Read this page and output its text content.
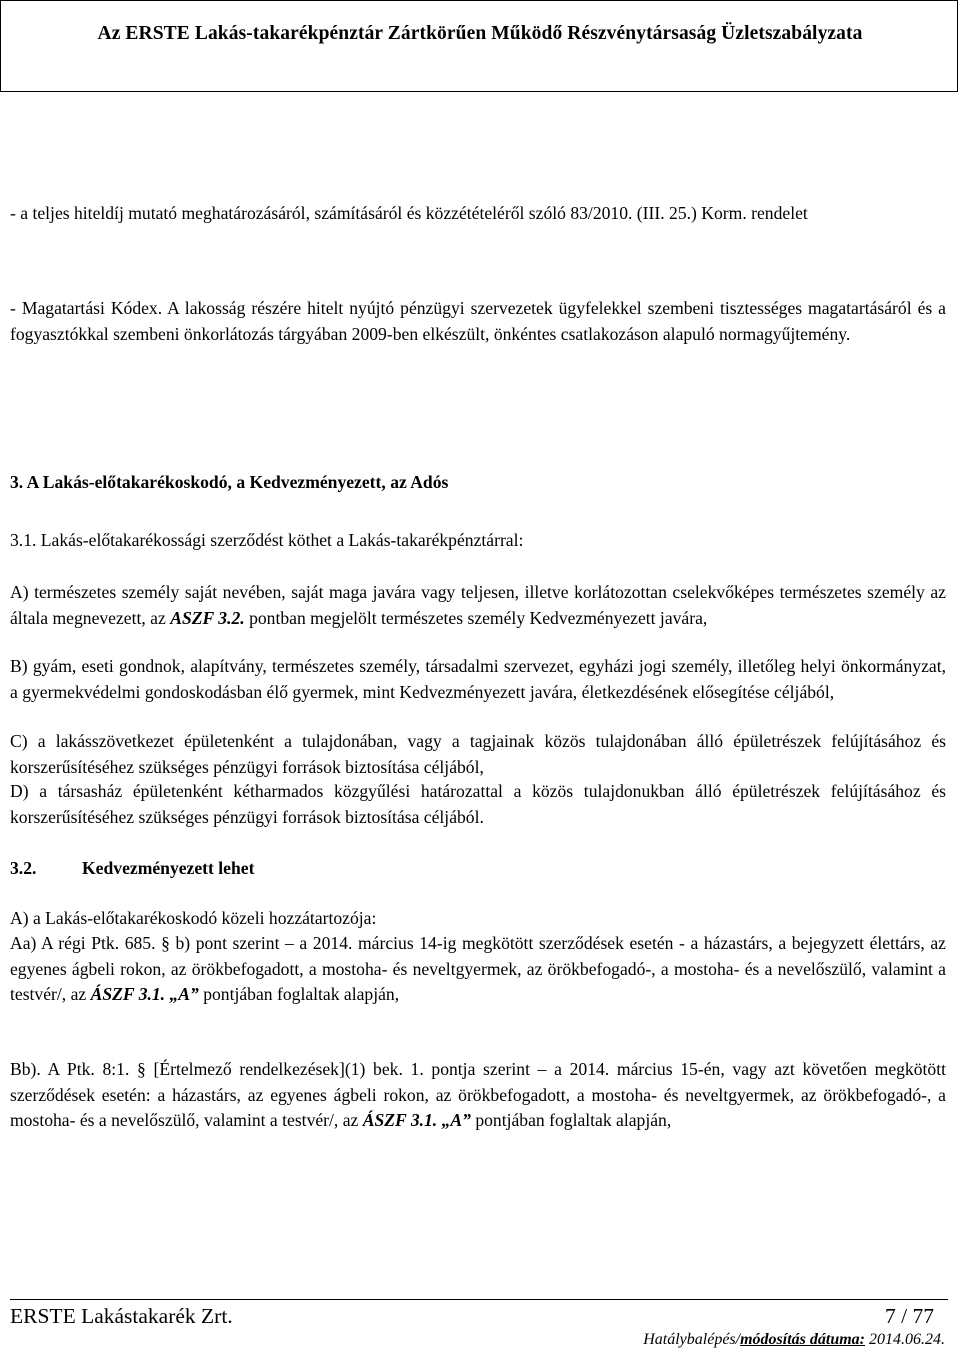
Az ERSTE Lakás-takarékpénztár Zártkörűen Működő Részvénytársaság Üzletszabályzata

- a teljes hiteldíj mutató meghatározásáról, számításáról és közzétételéről szóló 83/2010. (III. 25.) Korm. rendelet

- Magatartási Kódex. A lakosság részére hitelt nyújtó pénzügyi szervezetek ügyfelekkel szembeni tisztességes magatartásáról és a fogyasztókkal szembeni önkorlátozás tárgyában 2009-ben elkészült, önkéntes csatlakozáson alapuló normagyűjtemény.

3. A Lakás-előtakarékoskodó, a Kedvezményezett, az Adós

3.1. Lakás-előtakarékossági szerződést köthet a Lakás-takarékpénztárral:

A) természetes személy saját nevében, saját maga javára vagy teljesen, illetve korlátozottan cselekvőképes természetes személy az általa megnevezett, az ASZF 3.2. pontban megjelölt természetes személy Kedvezményezett javára,

B) gyám, eseti gondnok, alapítvány, természetes személy, társadalmi szervezet, egyházi jogi személy, illetőleg helyi önkormányzat, a gyermekvédelmi gondoskodásban élő gyermek, mint Kedvezményezett javára, életkezdésének elősegítése céljából,

C) a lakásszövetkezet épületenként a tulajdonában, vagy a tagjainak közös tulajdonában álló épületrészek felújításához és korszerűsítéséhez szükséges pénzügyi források biztosítása céljából,

D) a társasház épületenként kétharmados közgyűlési határozattal a közös tulajdonukban álló épületrészek felújításához és korszerűsítéséhez szükséges pénzügyi források biztosítása céljából.

3.2.	Kedvezményezett lehet

A) a Lakás-előtakarékoskodó közeli hozzátartozója:

Aa) A régi Ptk. 685. § b) pont szerint – a 2014. március 14-ig megkötött szerződések esetén - a házastárs, a bejegyzett élettárs, az egyenes ágbeli rokon, az örökbefogadott, a mostoha- és neveltgyermek, az örökbefogadó-, a mostoha- és a nevelőszülő, valamint a testvér/, az ÁSZF 3.1. „A” pontjában foglaltak alapján,

Bb). A Ptk. 8:1. § [Értelmező rendelkezések](1) bek. 1. pontja szerint – a 2014. március 15-én, vagy azt követően megkötött szerződések esetén: a házastárs, az egyenes ágbeli rokon, az örökbefogadott, a mostoha- és neveltgyermek, az örökbefogadó-, a mostoha- és a nevelőszülő, valamint a testvér/, az ÁSZF 3.1. „A” pontjában foglaltak alapján,

ERSTE Lakástakarék Zrt.	7 / 77
Hatálybalépés/módosítás dátuma: 2014.06.24.
